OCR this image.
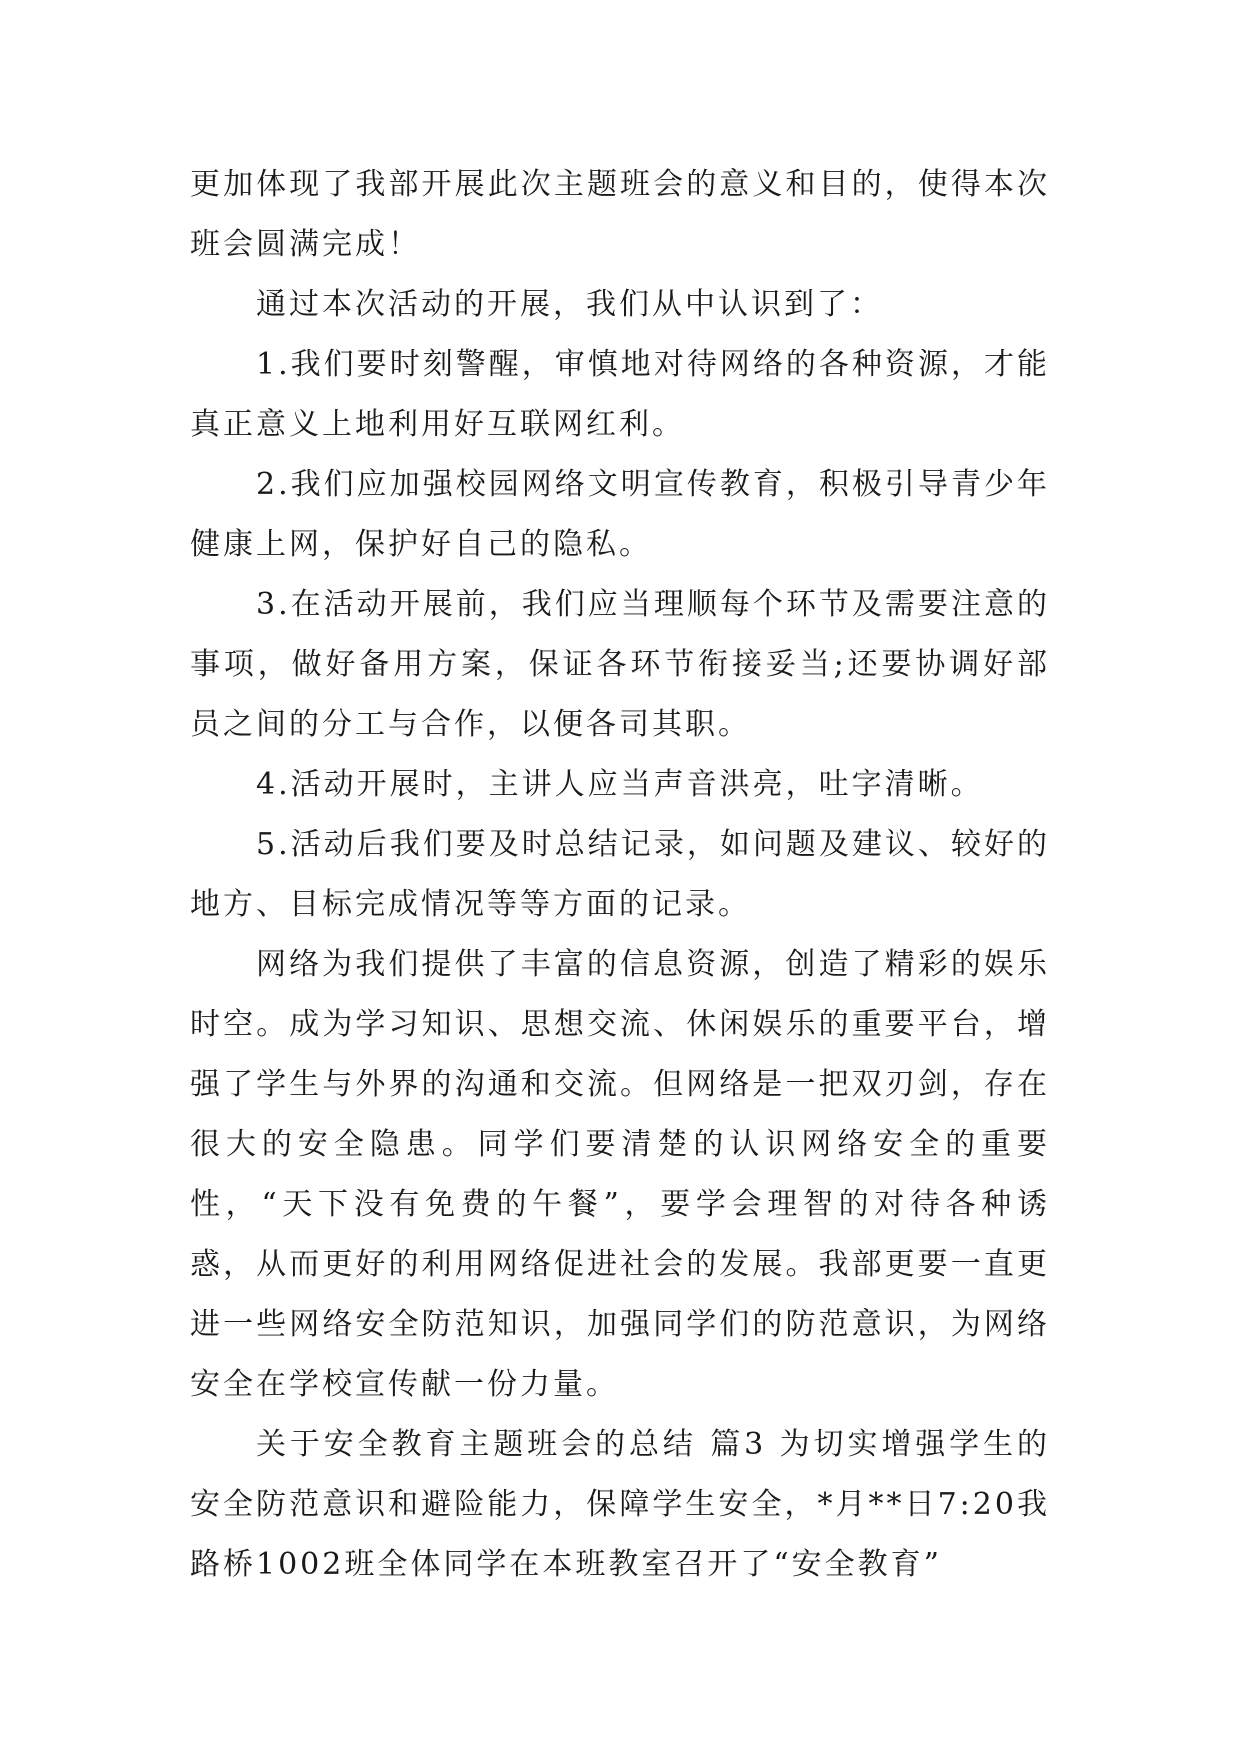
更加体现了我部开展此次主题班会的意义和目的，使得本次班会圆满完成！

通过本次活动的开展，我们从中认识到了：

1.我们要时刻警醒，审慎地对待网络的各种资源，才能真正意义上地利用好互联网红利。

2.我们应加强校园网络文明宣传教育，积极引导青少年健康上网，保护好自己的隐私。

3.在活动开展前，我们应当理顺每个环节及需要注意的事项，做好备用方案，保证各环节衔接妥当;还要协调好部员之间的分工与合作，以便各司其职。

4.活动开展时，主讲人应当声音洪亮，吐字清晰。

5.活动后我们要及时总结记录，如问题及建议、较好的地方、目标完成情况等等方面的记录。

网络为我们提供了丰富的信息资源，创造了精彩的娱乐时空。成为学习知识、思想交流、休闲娱乐的重要平台，增强了学生与外界的沟通和交流。但网络是一把双刃剑，存在很大的安全隐患。同学们要清楚的认识网络安全的重要性，“天下没有免费的午餐”，要学会理智的对待各种诱惑，从而更好的利用网络促进社会的发展。我部更要一直更进一些网络安全防范知识，加强同学们的防范意识，为网络安全在学校宣传献一份力量。

关于安全教育主题班会的总结 篇3 为切实增强学生的安全防范意识和避险能力，保障学生安全，*月**日7:20我路桥1002班全体同学在本班教室召开了“安全教育”
